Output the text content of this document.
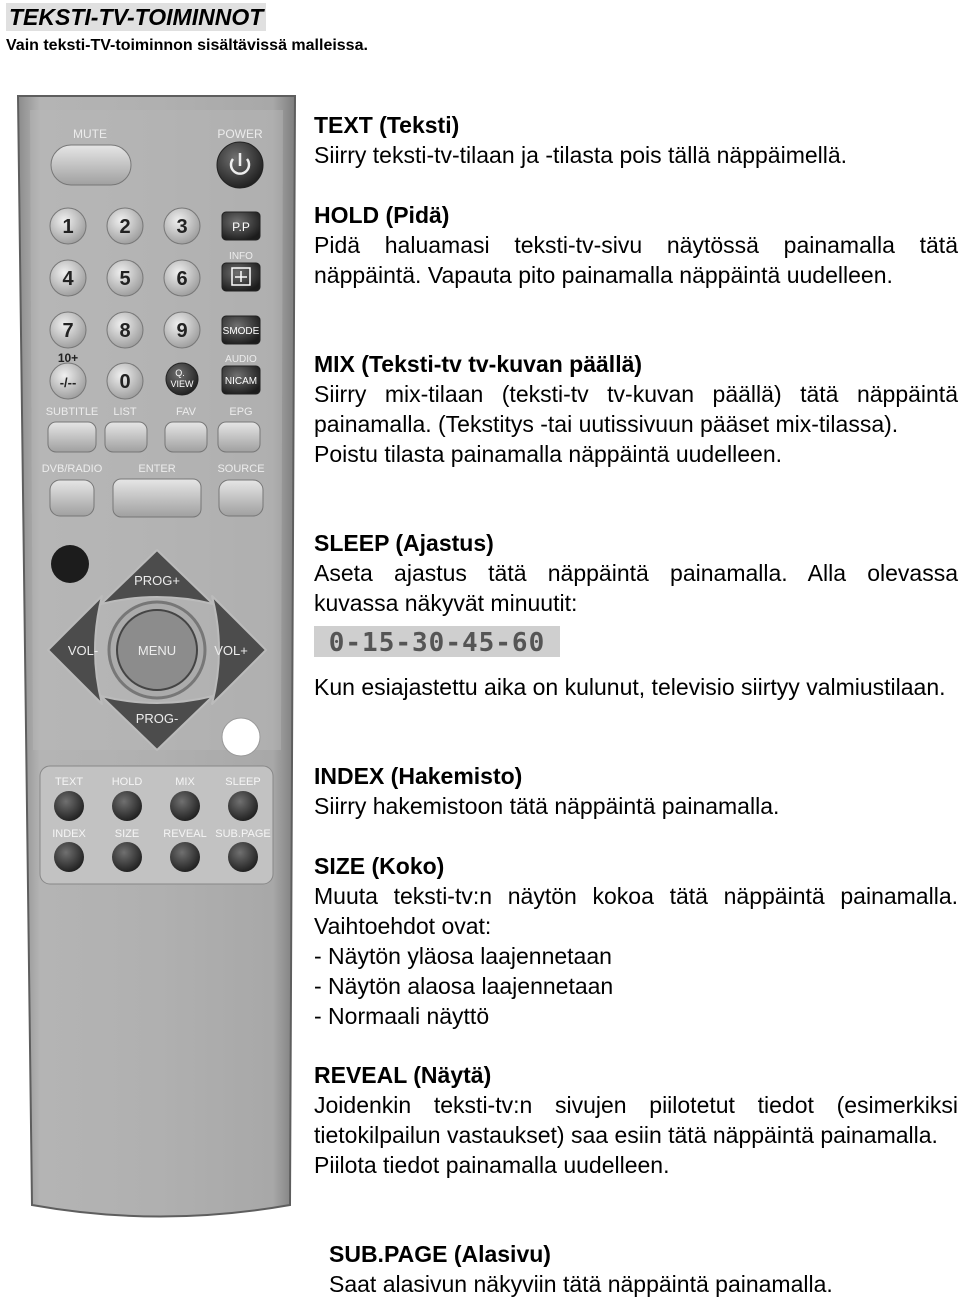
TEKSTI-TV-TOIMINNOT
Vain teksti-TV-toiminnon sisältävissä malleissa.
MUTE	POWER
1 2 3
4 5 6
7 8 9
0
-/--
P.P
INFO
SMODE
AUDIO
NICAM
10+
Q.
VIEW
SUBTITLE LIST	FAV	EPG
DVB/RADIO	ENTER	SOURCE
PROG+
VOL-	MENU	VOL+
PROG-
TEXT	HOLD	MIX	SLEEP
INDEX	SIZE REVEAL SUB.PAGE
TEXT (Teksti)

Siirry teksti-tv-tilaan ja -tilasta pois tällä näppäimellä.

HOLD (Pidä)

Pidä haluamasi teksti-tv-sivu näytössä painamalla tätä näppäintä. Vapauta pito painamalla näppäintä uudelleen.

MIX (Teksti-tv tv-kuvan päällä)

Siirry mix-tilaan (teksti-tv tv-kuvan päällä) tätä näppäintä painamalla. (Tekstitys -tai uutissivuun pääset mix-tilassa).

Poistu tilasta painamalla näppäintä uudelleen.

SLEEP (Ajastus)

Aseta ajastus tätä näppäintä painamalla. Alla olevassa kuvassa näkyvät minuutit:

0-15-30-45-60

Kun esiajastettu aika on kulunut, televisio siirtyy valmiustilaan.

INDEX (Hakemisto)

Siirry hakemistoon tätä näppäintä painamalla.

SIZE (Koko)

Muuta teksti-tv:n näytön kokoa tätä näppäintä painamalla. Vaihtoehdot ovat:

- Näytön yläosa laajennetaan

- Näytön alaosa laajennetaan

- Normaali näyttö

REVEAL (Näytä)

Joidenkin teksti-tv:n sivujen piilotetut tiedot (esimerkiksi tietokilpailun vastaukset) saa esiin tätä näppäintä painamalla.

Piilota tiedot painamalla uudelleen.

SUB.PAGE (Alasivu)

Saat alasivun näkyviin tätä näppäintä painamalla.
